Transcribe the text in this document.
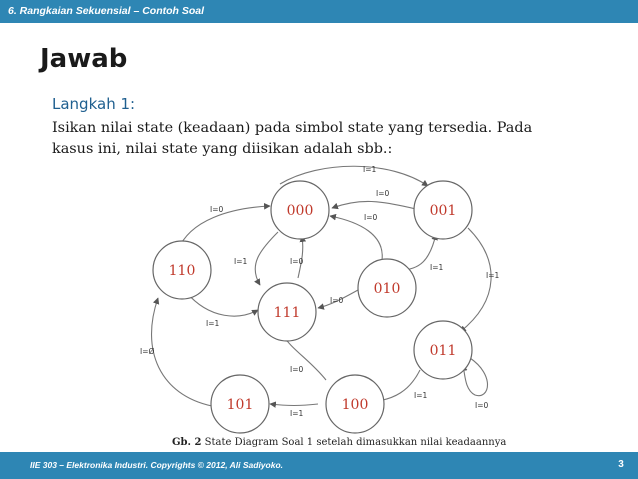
6. Rangkaian Sekuensial – Contoh Soal
Jawab
Langkah 1:
Isikan nilai state (keadaan) pada simbol state yang tersedia. Pada kasus ini, nilai state yang diisikan adalah sbb.:
000	001
110
010
111
011
101	100
I=1
I=0
I=0
I=0
I=1	I=0
I=1
I=1
I=0
I=1
I=0
I=1
I=0
I=1
I=Ø
Gb. 2 State Diagram Soal 1 setelah dimasukkan nilai keadaannya
IIE 303 – Elektronika Industri. Copyrights © 2012, Ali Sadiyoko.	3
